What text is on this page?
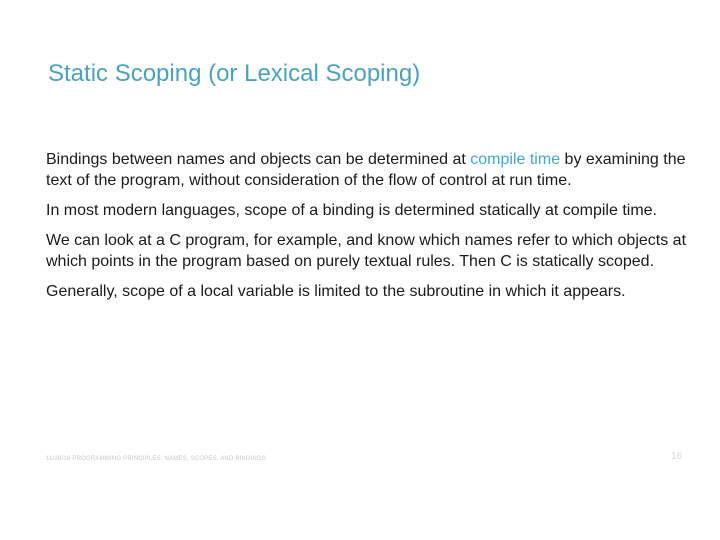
Static Scoping (or Lexical Scoping)

Bindings between names and objects can be determined at compile time by examining the text of the program, without consideration of the flow of control at run time.

In most modern languages, scope of a binding is determined statically at compile time.

We can look at a C program, for example, and know which names refer to which objects at which points in the program based on purely textual rules. Then C is statically scoped.

Generally, scope of a local variable is limited to the subroutine in which it appears.

11/28/16 PROGRAMMING PRINCIPLES: NAMES, SCOPES, AND BINDINGS	16
